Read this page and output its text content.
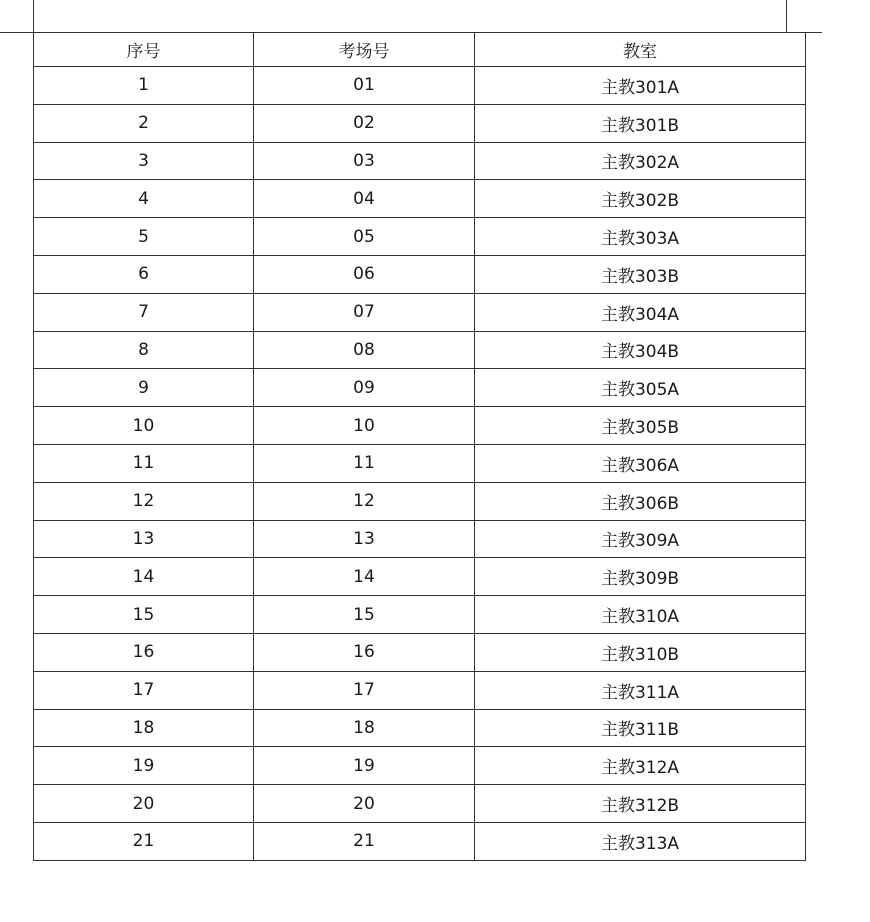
序号	考场号	教室
1	01	主教301A
2	02	主教301B
3	03	主教302A
4	04	主教302B
5	05	主教303A
6	06	主教303B
7	07	主教304A
8	08	主教304B
9	09	主教305A
10	10	主教305B
11	11	主教306A
12	12	主教306B
13	13	主教309A
14	14	主教309B
15	15	主教310A
16	16	主教310B
17	17	主教311A
18	18	主教311B
19	19	主教312A
20	20	主教312B
21	21	主教313A
